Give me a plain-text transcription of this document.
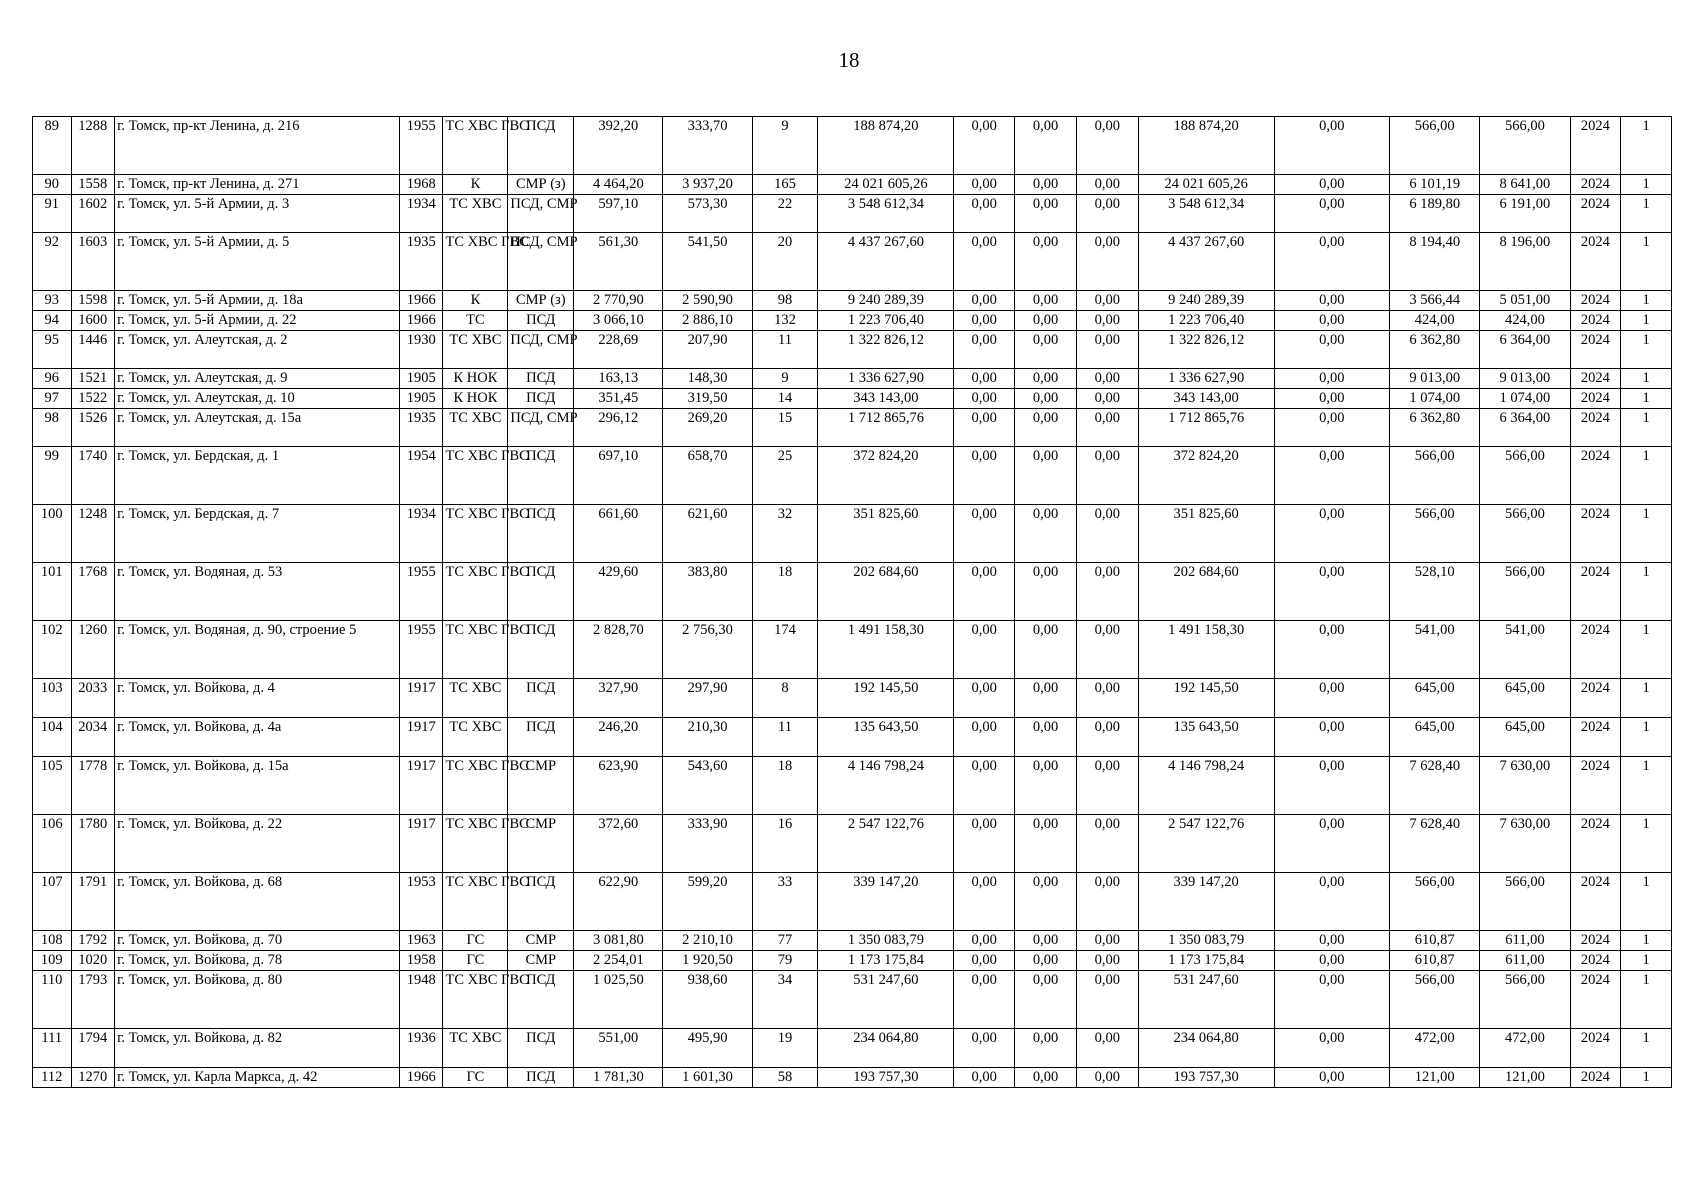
18
89	1288	г. Томск, пр-кт Ленина, д. 216	1955	ТС ХВС ГВС	ПСД	392,20	333,70	9	188 874,20	0,00	0,00	0,00	188 874,20	0,00	566,00	566,00	2024	1
90	1558	г. Томск, пр-кт Ленина, д. 271	1968	К	СМР (з)	4 464,20	3 937,20	165	24 021 605,26	0,00	0,00	0,00	24 021 605,26	0,00	6 101,19	8 641,00	2024	1
91	1602	г. Томск, ул. 5-й Армии, д. 3	1934	ТС ХВС	ПСД, СМР	597,10	573,30	22	3 548 612,34	0,00	0,00	0,00	3 548 612,34	0,00	6 189,80	6 191,00	2024	1
92	1603	г. Томск, ул. 5-й Армии, д. 5	1935	ТС ХВС ГВС	ПСД, СМР	561,30	541,50	20	4 437 267,60	0,00	0,00	0,00	4 437 267,60	0,00	8 194,40	8 196,00	2024	1
93	1598	г. Томск, ул. 5-й Армии, д. 18а	1966	К	СМР (з)	2 770,90	2 590,90	98	9 240 289,39	0,00	0,00	0,00	9 240 289,39	0,00	3 566,44	5 051,00	2024	1
94	1600	г. Томск, ул. 5-й Армии, д. 22	1966	ТС	ПСД	3 066,10	2 886,10	132	1 223 706,40	0,00	0,00	0,00	1 223 706,40	0,00	424,00	424,00	2024	1
95	1446	г. Томск, ул. Алеутская, д. 2	1930	ТС ХВС	ПСД, СМР	228,69	207,90	11	1 322 826,12	0,00	0,00	0,00	1 322 826,12	0,00	6 362,80	6 364,00	2024	1
96	1521	г. Томск, ул. Алеутская, д. 9	1905	К НОК	ПСД	163,13	148,30	9	1 336 627,90	0,00	0,00	0,00	1 336 627,90	0,00	9 013,00	9 013,00	2024	1
97	1522	г. Томск, ул. Алеутская, д. 10	1905	К НОК	ПСД	351,45	319,50	14	343 143,00	0,00	0,00	0,00	343 143,00	0,00	1 074,00	1 074,00	2024	1
98	1526	г. Томск, ул. Алеутская, д. 15а	1935	ТС ХВС	ПСД, СМР	296,12	269,20	15	1 712 865,76	0,00	0,00	0,00	1 712 865,76	0,00	6 362,80	6 364,00	2024	1
99	1740	г. Томск, ул. Бердская, д. 1	1954	ТС ХВС ГВС	ПСД	697,10	658,70	25	372 824,20	0,00	0,00	0,00	372 824,20	0,00	566,00	566,00	2024	1
100	1248	г. Томск, ул. Бердская, д. 7	1934	ТС ХВС ГВС	ПСД	661,60	621,60	32	351 825,60	0,00	0,00	0,00	351 825,60	0,00	566,00	566,00	2024	1
101	1768	г. Томск, ул. Водяная, д. 53	1955	ТС ХВС ГВС	ПСД	429,60	383,80	18	202 684,60	0,00	0,00	0,00	202 684,60	0,00	528,10	566,00	2024	1
102	1260	г. Томск, ул. Водяная, д. 90, строение 5	1955	ТС ХВС ГВС	ПСД	2 828,70	2 756,30	174	1 491 158,30	0,00	0,00	0,00	1 491 158,30	0,00	541,00	541,00	2024	1
103	2033	г. Томск, ул. Войкова, д. 4	1917	ТС ХВС	ПСД	327,90	297,90	8	192 145,50	0,00	0,00	0,00	192 145,50	0,00	645,00	645,00	2024	1
104	2034	г. Томск, ул. Войкова, д. 4а	1917	ТС ХВС	ПСД	246,20	210,30	11	135 643,50	0,00	0,00	0,00	135 643,50	0,00	645,00	645,00	2024	1
105	1778	г. Томск, ул. Войкова, д. 15а	1917	ТС ХВС ГВС	СМР	623,90	543,60	18	4 146 798,24	0,00	0,00	0,00	4 146 798,24	0,00	7 628,40	7 630,00	2024	1
106	1780	г. Томск, ул. Войкова, д. 22	1917	ТС ХВС ГВС	СМР	372,60	333,90	16	2 547 122,76	0,00	0,00	0,00	2 547 122,76	0,00	7 628,40	7 630,00	2024	1
107	1791	г. Томск, ул. Войкова, д. 68	1953	ТС ХВС ГВС	ПСД	622,90	599,20	33	339 147,20	0,00	0,00	0,00	339 147,20	0,00	566,00	566,00	2024	1
108	1792	г. Томск, ул. Войкова, д. 70	1963	ГС	СМР	3 081,80	2 210,10	77	1 350 083,79	0,00	0,00	0,00	1 350 083,79	0,00	610,87	611,00	2024	1
109	1020	г. Томск, ул. Войкова, д. 78	1958	ГС	СМР	2 254,01	1 920,50	79	1 173 175,84	0,00	0,00	0,00	1 173 175,84	0,00	610,87	611,00	2024	1
110	1793	г. Томск, ул. Войкова, д. 80	1948	ТС ХВС ГВС	ПСД	1 025,50	938,60	34	531 247,60	0,00	0,00	0,00	531 247,60	0,00	566,00	566,00	2024	1
111	1794	г. Томск, ул. Войкова, д. 82	1936	ТС ХВС	ПСД	551,00	495,90	19	234 064,80	0,00	0,00	0,00	234 064,80	0,00	472,00	472,00	2024	1
112	1270	г. Томск, ул. Карла Маркса, д. 42	1966	ГС	ПСД	1 781,30	1 601,30	58	193 757,30	0,00	0,00	0,00	193 757,30	0,00	121,00	121,00	2024	1
